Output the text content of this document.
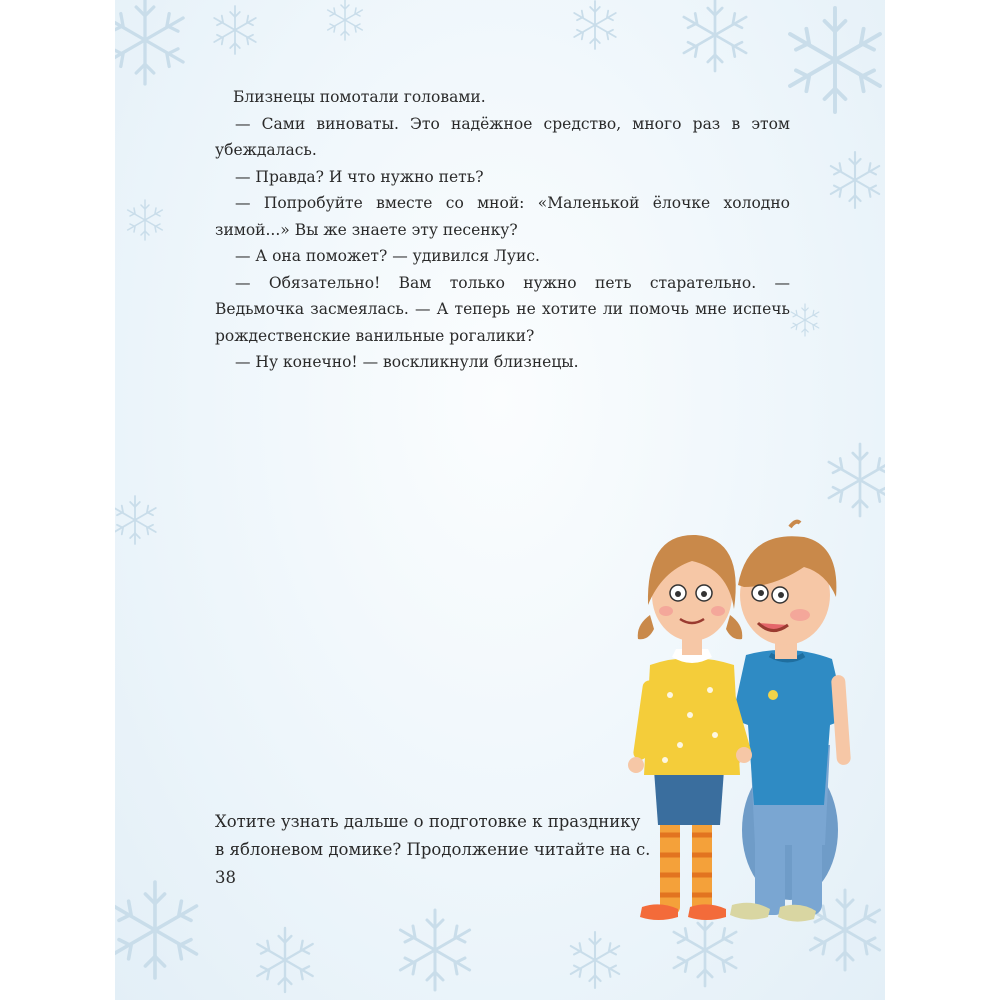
Близнецы помотали головами.

— Сами виноваты. Это надёжное средство, много раз в этом убеждалась.

— Правда? И что нужно петь?

— Попробуйте вместе со мной: «Маленькой ёлочке холодно зимой...» Вы же знаете эту песенку?

— А она поможет? — удивился Луис.

— Обязательно! Вам только нужно петь старательно. — Ведьмочка засмеялась. — А теперь не хотите ли помочь мне испечь рождественские ванильные рогалики?

— Ну конечно! — воскликнули близнецы.

Хотите узнать дальше о подготовке к празднику

в яблоневом домике? Продолжение читайте на с. 38
